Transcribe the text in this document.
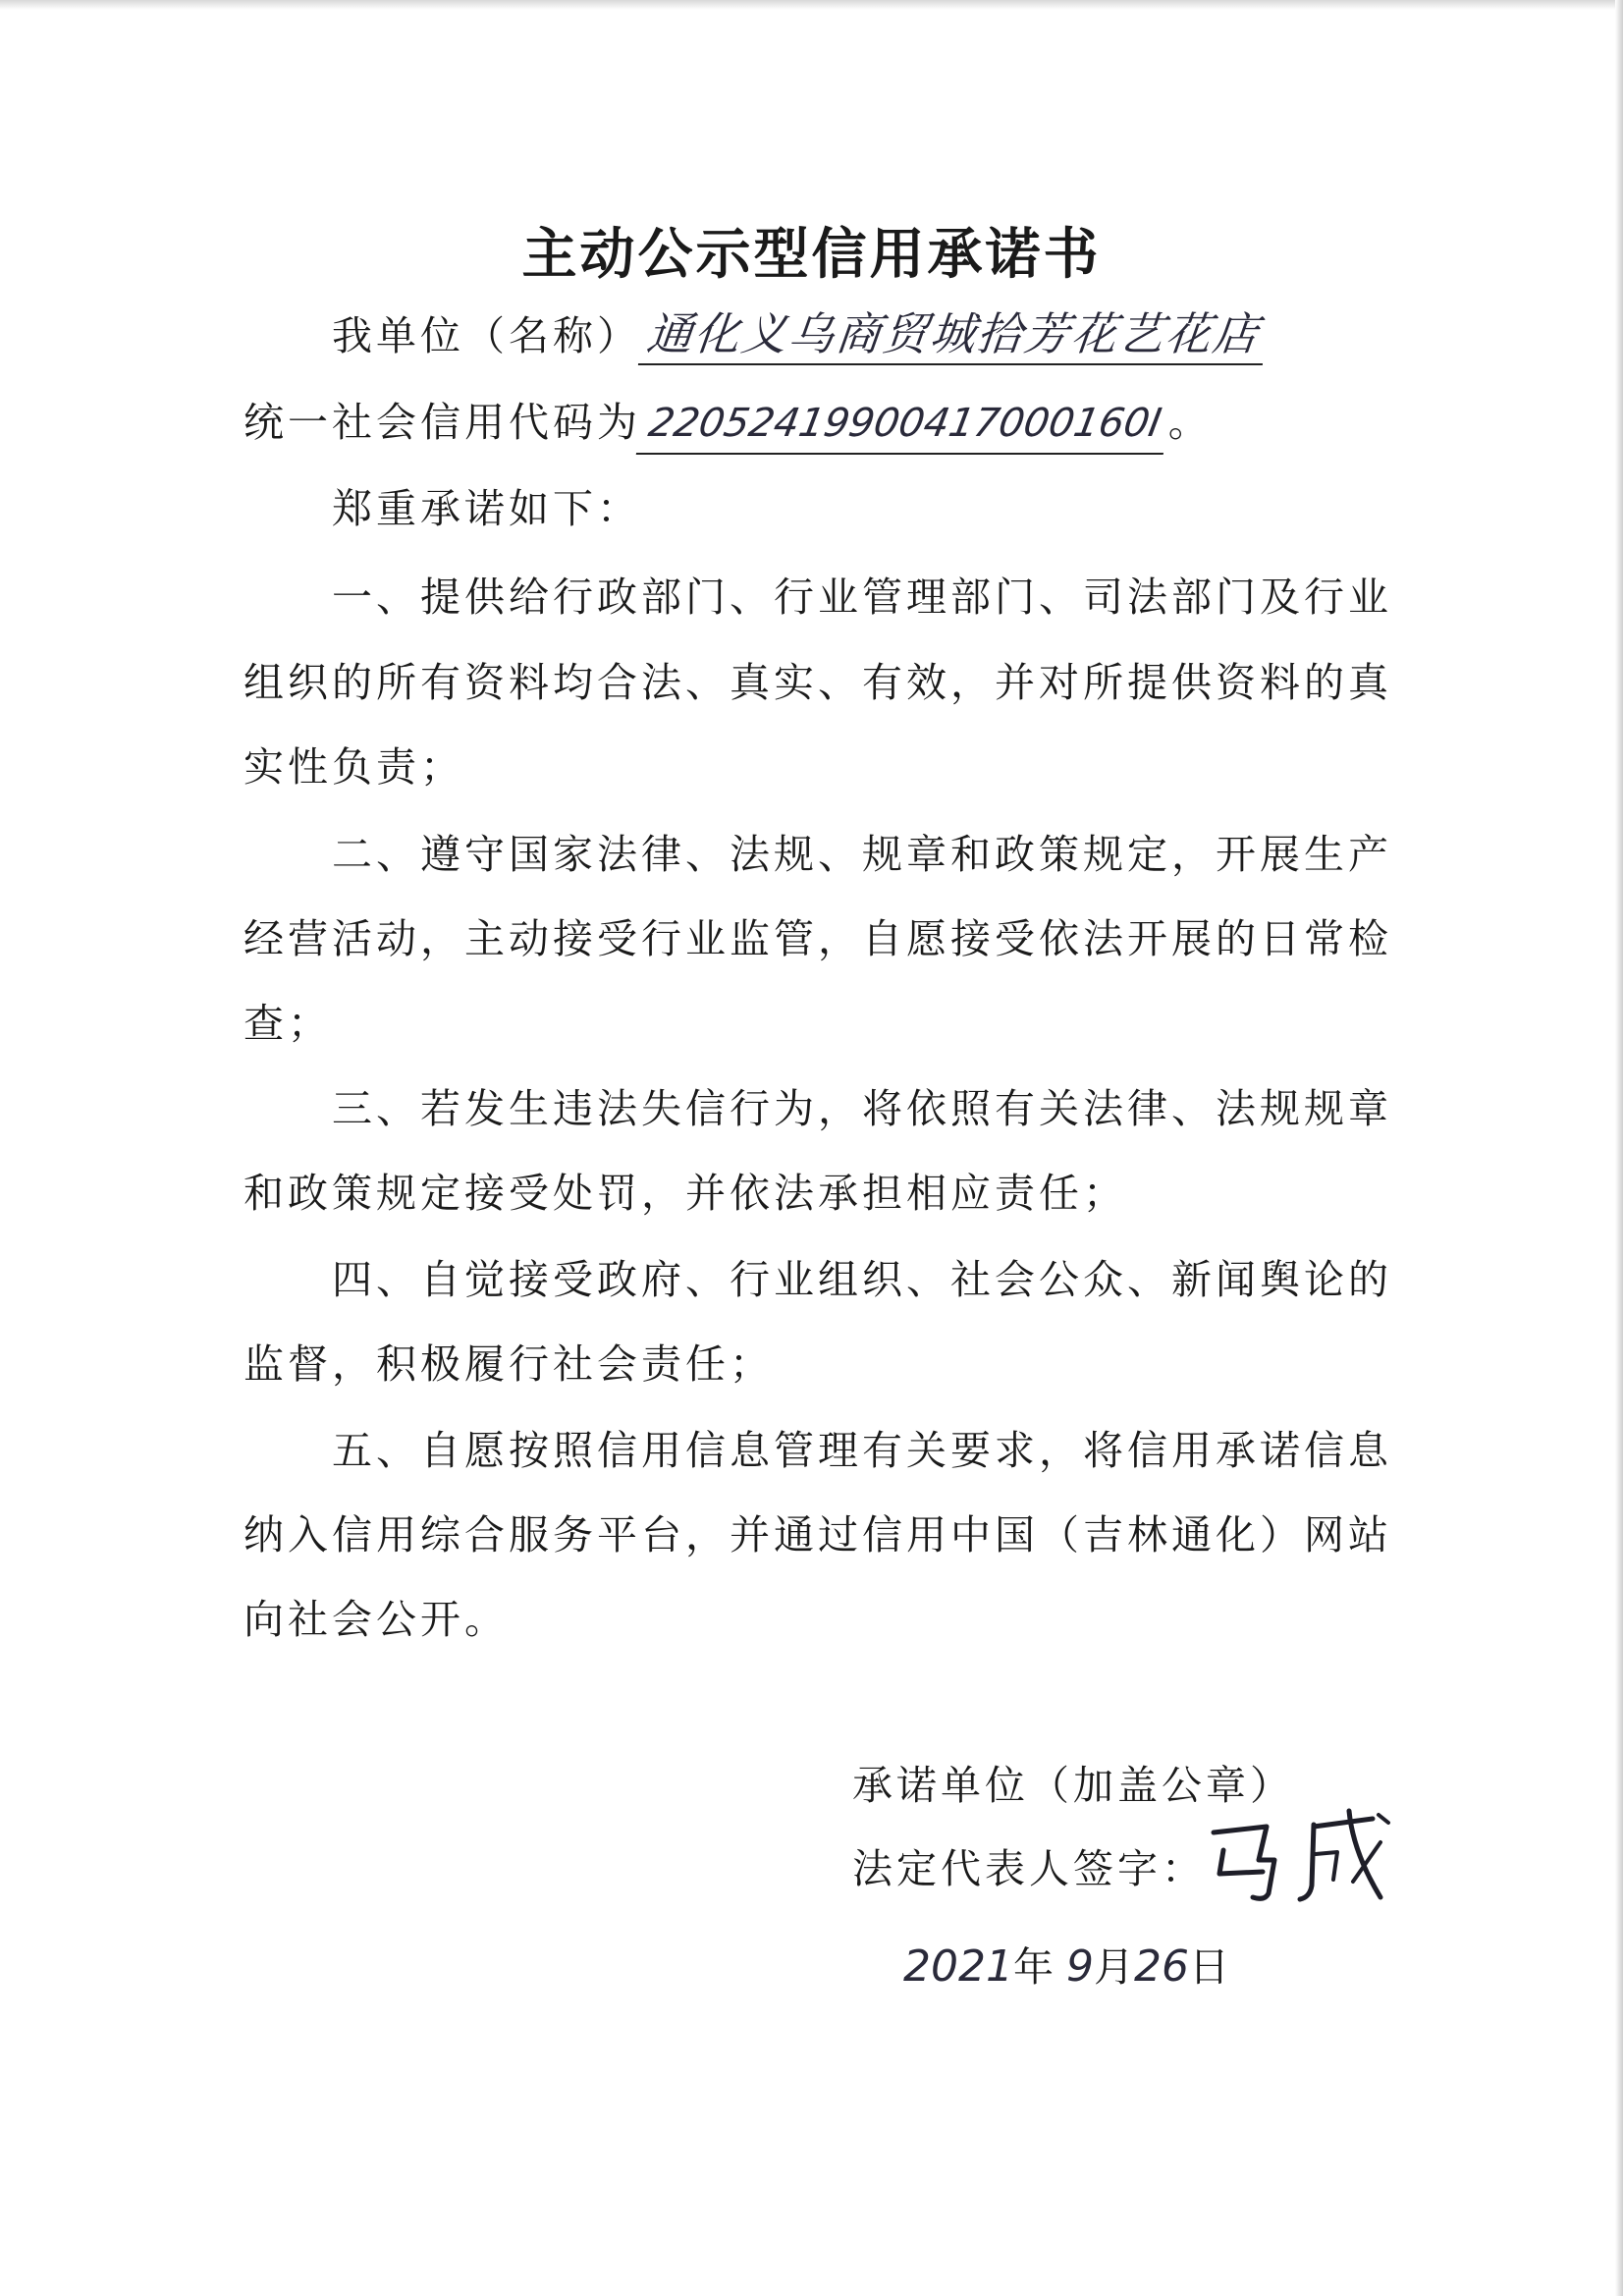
主动公示型信用承诺书
我单位（名称）通化义乌商贸城拾芳花艺花店
统一社会信用代码为 22052419900417000160I。
郑重承诺如下：
一、提供给行政部门、行业管理部门、司法部门及行业
组织的所有资料均合法、真实、有效，并对所提供资料的真
实性负责；
二、遵守国家法律、法规、规章和政策规定，开展生产
经营活动，主动接受行业监管，自愿接受依法开展的日常检
查；
三、若发生违法失信行为，将依照有关法律、法规规章
和政策规定接受处罚，并依法承担相应责任；
四、自觉接受政府、行业组织、社会公众、新闻舆论的
监督，积极履行社会责任；
五、自愿按照信用信息管理有关要求，将信用承诺信息
纳入信用综合服务平台，并通过信用中国（吉林通化）网站
向社会公开。
承诺单位（加盖公章）
法定代表人签字：
2021年 9月26日
